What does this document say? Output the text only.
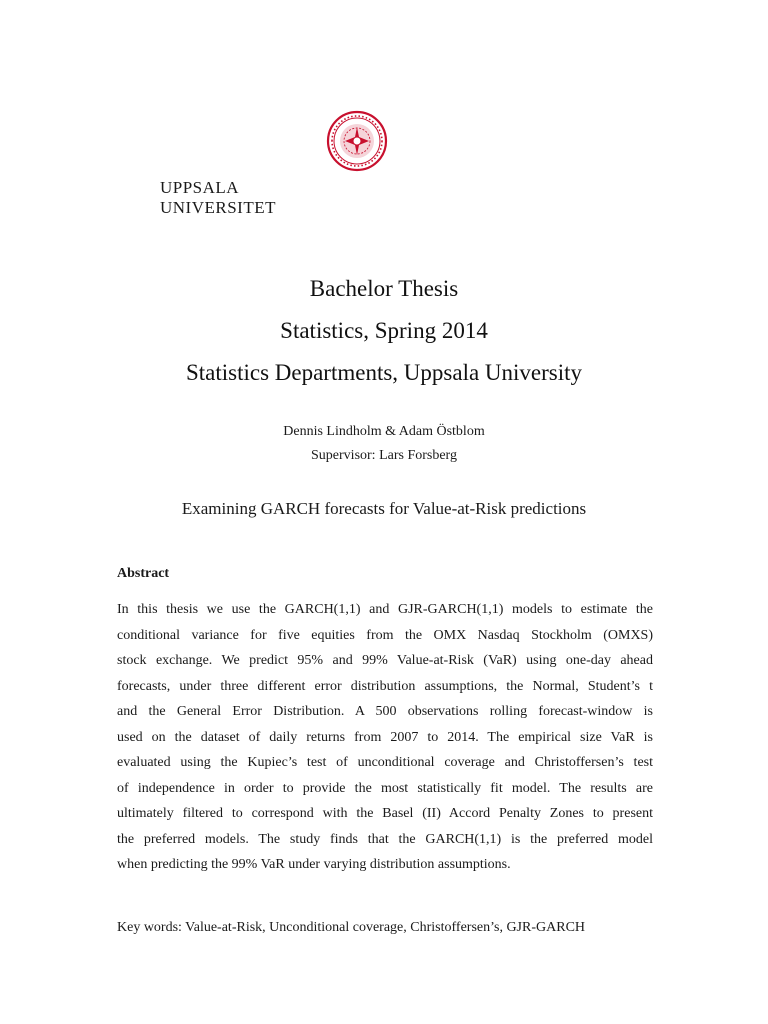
UPPSALA
UNIVERSITET
Bachelor Thesis
Statistics, Spring 2014
Statistics Departments, Uppsala University
Dennis Lindholm & Adam Östblom
Supervisor: Lars Forsberg
Examining GARCH forecasts for Value-at-Risk predictions
Abstract
In this thesis we use the GARCH(1,1) and GJR-GARCH(1,1) models to estimate the
conditional variance for five equities from the OMX Nasdaq Stockholm (OMXS)
stock exchange. We predict 95% and 99% Value-at-Risk (VaR) using one-day ahead
forecasts, under three different error distribution assumptions, the Normal, Student’s t
and the General Error Distribution. A 500 observations rolling forecast-window is
used on the dataset of daily returns from 2007 to 2014. The empirical size VaR is
evaluated using the Kupiec’s test of unconditional coverage and Christoffersen’s test
of independence in order to provide the most statistically fit model. The results are
ultimately filtered to correspond with the Basel (II) Accord Penalty Zones to present
the preferred models. The study finds that the GARCH(1,1) is the preferred model
when predicting the 99% VaR under varying distribution assumptions.
Key words: Value-at-Risk, Unconditional coverage, Christoffersen’s, GJR-GARCH
